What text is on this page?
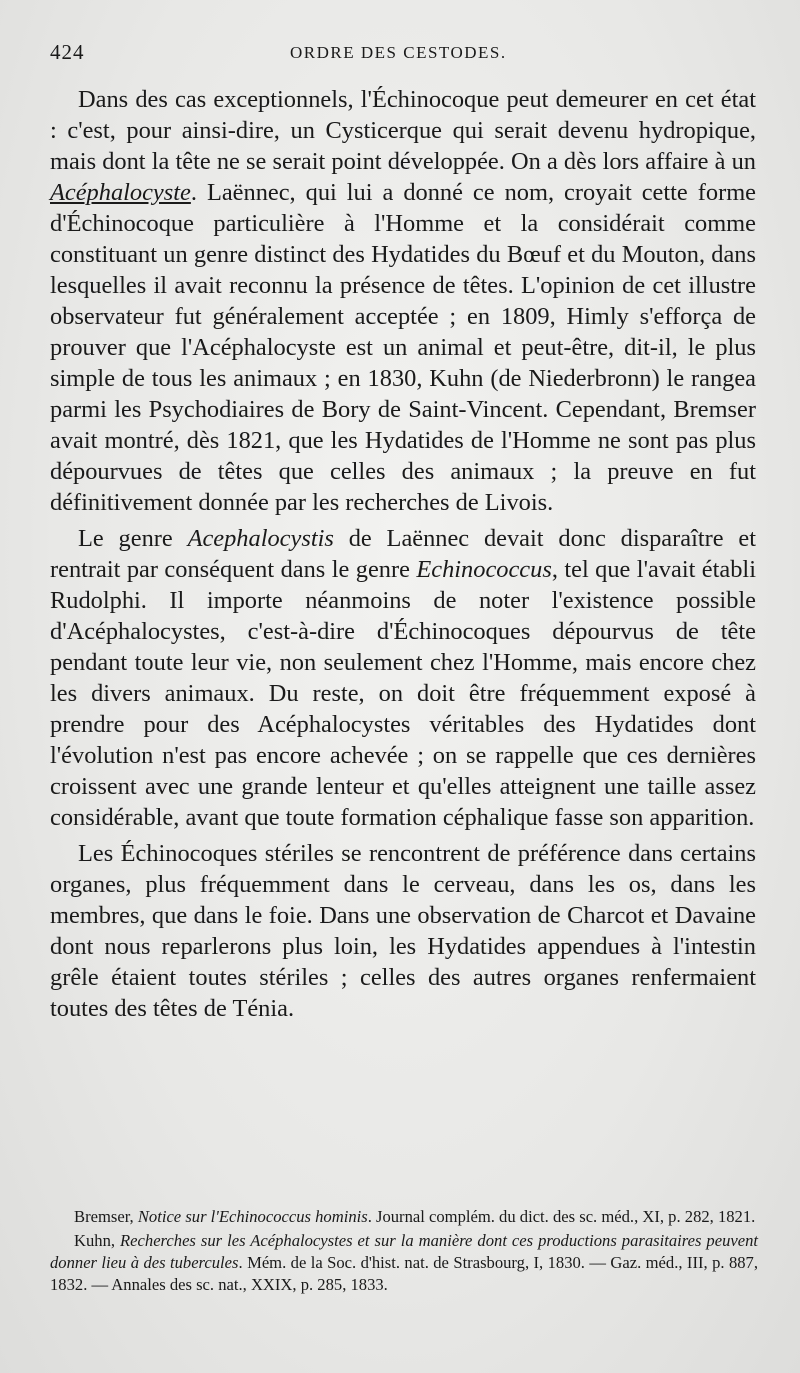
424	ORDRE DES CESTODES.

Dans des cas exceptionnels, l'Échinocoque peut demeurer en cet état : c'est, pour ainsi-dire, un Cysticerque qui serait devenu hydropique, mais dont la tête ne se serait point développée. On a dès lors affaire à un Acéphalocyste. Laënnec, qui lui a donné ce nom, croyait cette forme d'Échinocoque particulière à l'Homme et la considérait comme constituant un genre distinct des Hydatides du Bœuf et du Mouton, dans lesquelles il avait reconnu la présence de têtes. L'opinion de cet illustre observateur fut généralement acceptée ; en 1809, Himly s'efforça de prouver que l'Acéphalocyste est un animal et peut-être, dit-il, le plus simple de tous les animaux ; en 1830, Kuhn (de Niederbronn) le rangea parmi les Psychodiaires de Bory de Saint-Vincent. Cependant, Bremser avait montré, dès 1821, que les Hydatides de l'Homme ne sont pas plus dépourvues de têtes que celles des animaux ; la preuve en fut définitivement donnée par les recherches de Livois.

Le genre Acephalocystis de Laënnec devait donc disparaître et rentrait par conséquent dans le genre Echinococcus, tel que l'avait établi Rudolphi. Il importe néanmoins de noter l'existence possible d'Acéphalocystes, c'est-à-dire d'Échinocoques dépourvus de tête pendant toute leur vie, non seulement chez l'Homme, mais encore chez les divers animaux. Du reste, on doit être fréquemment exposé à prendre pour des Acéphalocystes véritables des Hydatides dont l'évolution n'est pas encore achevée ; on se rappelle que ces dernières croissent avec une grande lenteur et qu'elles atteignent une taille assez considérable, avant que toute formation céphalique fasse son apparition.

Les Échinocoques stériles se rencontrent de préférence dans certains organes, plus fréquemment dans le cerveau, dans les os, dans les membres, que dans le foie. Dans une observation de Charcot et Davaine dont nous reparlerons plus loin, les Hydatides appendues à l'intestin grêle étaient toutes stériles ; celles des autres organes renfermaient toutes des têtes de Ténia.

Bremser, Notice sur l'Echinococcus hominis. Journal complém. du dict. des sc. méd., XI, p. 282, 1821.

Kuhn, Recherches sur les Acéphalocystes et sur la manière dont ces productions parasitaires peuvent donner lieu à des tubercules. Mém. de la Soc. d'hist. nat. de Strasbourg, I, 1830. — Gaz. méd., III, p. 887, 1832. — Annales des sc. nat., XXIX, p. 285, 1833.
